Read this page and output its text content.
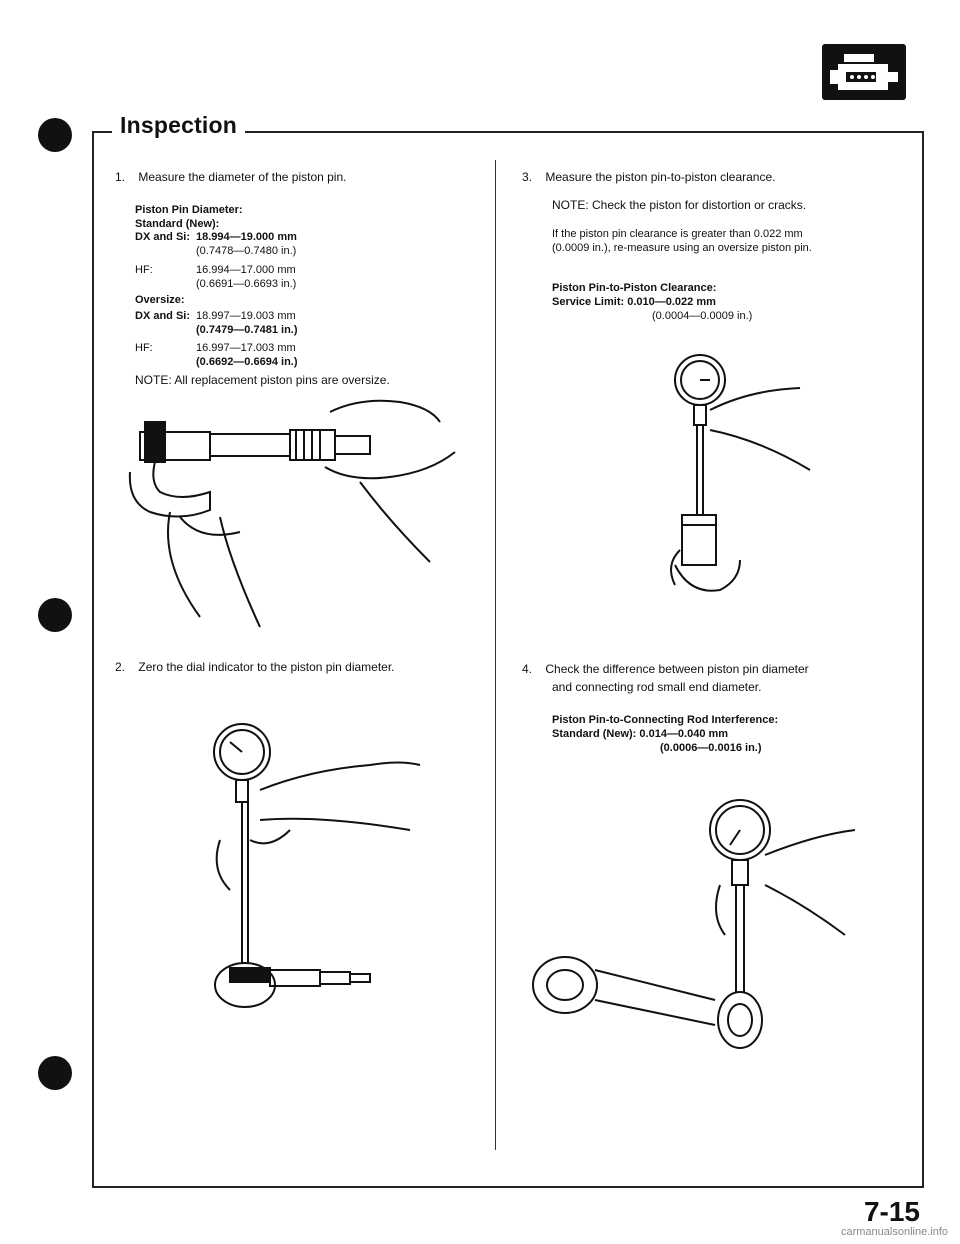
Inspection
1. Measure the diameter of the piston pin.
Piston Pin Diameter:
Standard (New):
DX and Si: 18.994—19.000 mm
(0.7478—0.7480 in.)
HF:	16.994—17.000 mm
(0.6691—0.6693 in.)
Oversize:
DX and Si: 18.997—19.003 mm
(0.7479—0.7481 in.)
HF:	16.997—17.003 mm
(0.6692—0.6694 in.)
NOTE: All replacement piston pins are oversize.
2. Zero the dial indicator to the piston pin diameter.
3. Measure the piston pin-to-piston clearance.
NOTE: Check the piston for distortion or cracks.
If the piston pin clearance is greater than 0.022 mm
(0.0009 in.), re-measure using an oversize piston pin.
Piston Pin-to-Piston Clearance:
Service Limit: 0.010—0.022 mm
(0.0004—0.0009 in.)
4. Check the difference between piston pin diameter
and connecting rod small end diameter.
Piston Pin-to-Connecting Rod Interference:
Standard (New): 0.014—0.040 mm
(0.0006—0.0016 in.)
7-15
carmanualsonline.info
